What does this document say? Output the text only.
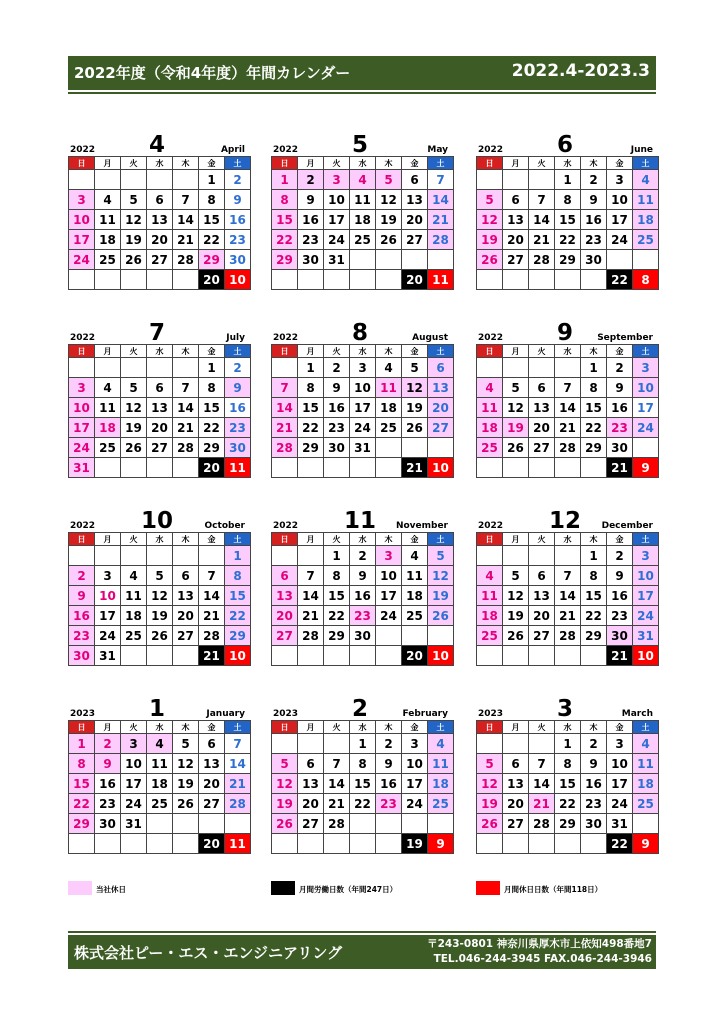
2022年度（令和4年度）年間カレンダー	2022.4-2023.3
2022 4	April
日	月	火	水	木	金	土
					1	2
3	4	5	6	7	8	9
10	11	12	13	14	15	16
17	18	19	20	21	22	23
24	25	26	27	28	29	30
					20	10
2022 5	May
日	月	火	水	木	金	土
1	2	3	4	5	6	7
8	9	10	11	12	13	14
15	16	17	18	19	20	21
22	23	24	25	26	27	28
29	30	31				
					20	11
2022 6	June
日	月	火	水	木	金	土
			1	2	3	4
5	6	7	8	9	10	11
12	13	14	15	16	17	18
19	20	21	22	23	24	25
26	27	28	29	30		
					22	8
2022 7	July
日	月	火	水	木	金	土
					1	2
3	4	5	6	7	8	9
10	11	12	13	14	15	16
17	18	19	20	21	22	23
24	25	26	27	28	29	30
31					20	11
2022 8	August
日	月	火	水	木	金	土
	1	2	3	4	5	6
7	8	9	10	11	12	13
14	15	16	17	18	19	20
21	22	23	24	25	26	27
28	29	30	31			
					21	10
2022 9	September
日	月	火	水	木	金	土
				1	2	3
4	5	6	7	8	9	10
11	12	13	14	15	16	17
18	19	20	21	22	23	24
25	26	27	28	29	30	
					21	9
2022 10	October
日	月	火	水	木	金	土
						1
2	3	4	5	6	7	8
9	10	11	12	13	14	15
16	17	18	19	20	21	22
23	24	25	26	27	28	29
30	31				21	10
2022 11 November
日	月	火	水	木	金	土
		1	2	3	4	5
6	7	8	9	10	11	12
13	14	15	16	17	18	19
20	21	22	23	24	25	26
27	28	29	30			
					20	10
2022 12 December
日	月	火	水	木	金	土
				1	2	3
4	5	6	7	8	9	10
11	12	13	14	15	16	17
18	19	20	21	22	23	24
25	26	27	28	29	30	31
					21	10
2023 1	January
日	月	火	水	木	金	土
1	2	3	4	5	6	7
8	9	10	11	12	13	14
15	16	17	18	19	20	21
22	23	24	25	26	27	28
29	30	31				
					20	11
2023 2	February
日	月	火	水	木	金	土
			1	2	3	4
5	6	7	8	9	10	11
12	13	14	15	16	17	18
19	20	21	22	23	24	25
26	27	28				
					19	9
2023 3	March
日	月	火	水	木	金	土
			1	2	3	4
5	6	7	8	9	10	11
12	13	14	15	16	17	18
19	20	21	22	23	24	25
26	27	28	29	30	31	
					22	9
当社休日	月間労働日数（年間247日）	月間休日日数（年間118日）
株式会社ピー・エス・エンジニアリング	〒243-0801 神奈川県厚木市上依知498番地7
TEL.046-244-3945 FAX.046-244-3946
